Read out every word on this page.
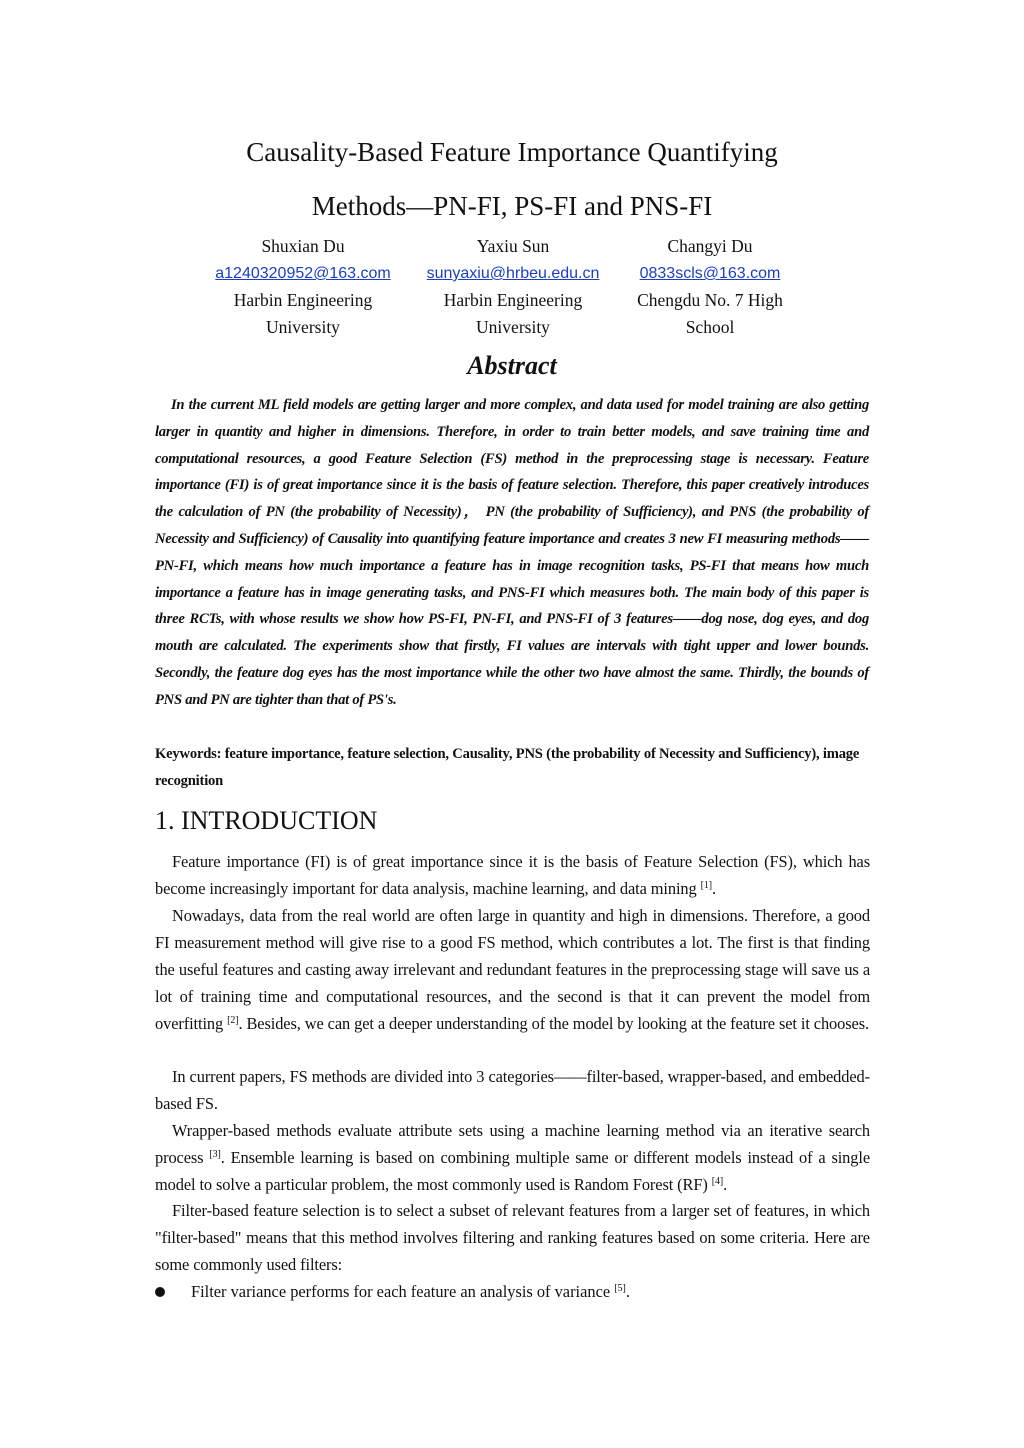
Causality-Based Feature Importance Quantifying
Methods—PN-FI, PS-FI and PNS-FI
Shuxian Du
a1240320952@163.com
Harbin Engineering
University
Yaxiu Sun
sunyaxiu@hrbeu.edu.cn
Harbin Engineering
University
Changyi Du
0833scls@163.com
Chengdu No. 7 High
School
Abstract
In the current ML field models are getting larger and more complex, and data used for model training are also getting larger in quantity and higher in dimensions. Therefore, in order to train better models, and save training time and computational resources, a good Feature Selection (FS) method in the preprocessing stage is necessary. Feature importance (FI) is of great importance since it is the basis of feature selection. Therefore, this paper creatively introduces the calculation of PN (the probability of Necessity)， PN (the probability of Sufficiency), and PNS (the probability of Necessity and Sufficiency) of Causality into quantifying feature importance and creates 3 new FI measuring methods—— PN-FI, which means how much importance a feature has in image recognition tasks, PS-FI that means how much importance a feature has in image generating tasks, and PNS-FI which measures both. The main body of this paper is three RCTs, with whose results we show how PS-FI, PN-FI, and PNS-FI of 3 features——dog nose, dog eyes, and dog mouth are calculated. The experiments show that firstly, FI values are intervals with tight upper and lower bounds. Secondly, the feature dog eyes has the most importance while the other two have almost the same. Thirdly, the bounds of PNS and PN are tighter than that of PS's.
Keywords: feature importance, feature selection, Causality, PNS (the probability of Necessity and Sufficiency), image recognition
1. INTRODUCTION

Feature importance (FI) is of great importance since it is the basis of Feature Selection (FS), which has become increasingly important for data analysis, machine learning, and data mining [1].

Nowadays, data from the real world are often large in quantity and high in dimensions. Therefore, a good FI measurement method will give rise to a good FS method, which contributes a lot. The first is that finding the useful features and casting away irrelevant and redundant features in the preprocessing stage will save us a lot of training time and computational resources, and the second is that it can prevent the model from overfitting [2]. Besides, we can get a deeper understanding of the model by looking at the feature set it chooses.

In current papers, FS methods are divided into 3 categories——filter-based, wrapper-based, and embedded-based FS.

Wrapper-based methods evaluate attribute sets using a machine learning method via an iterative search process [3]. Ensemble learning is based on combining multiple same or different models instead of a single model to solve a particular problem, the most commonly used is Random Forest (RF) [4].

Filter-based feature selection is to select a subset of relevant features from a larger set of features, in which "filter-based" means that this method involves filtering and ranking features based on some criteria. Here are some commonly used filters:

Filter variance performs for each feature an analysis of variance [5].
